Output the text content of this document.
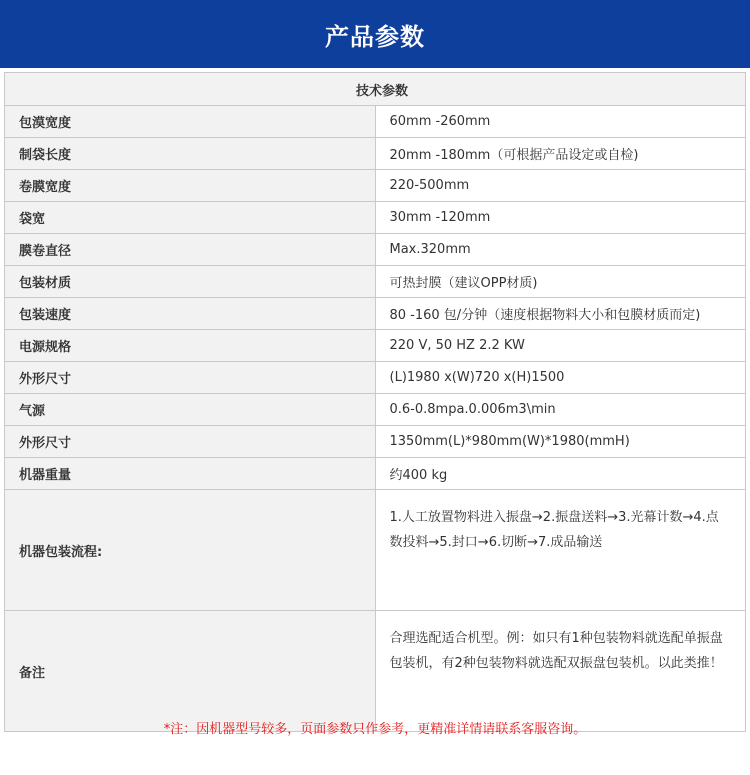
产品参数
技术参数	
包漠宽度	60mm -260mm
制袋长度	20mm -180mm（可根据产品设定或自检)
卷膜宽度	220-500mm
袋宽	30mm -120mm
膜卷直径	Max.320mm
包装材质	可热封膜（建议OPP材质)
包装速度	80 -160 包/分钟（速度根据物料大小和包膜材质而定)
电源规格	220 V, 50 HZ 2.2 KW
外形尺寸	(L)1980 x(W)720 x(H)1500
气源	0.6-0.8mpa.0.006m3\min
外形尺寸	1350mm(L)*980mm(W)*1980(mmH)
机器重量	约400 kg
机器包装流程:	1.人工放置物料进入振盘→2.振盘送料→3.光幕计数→4.点数投料→5.封口→6.切断→7.成品输送
备注	合理选配适合机型。例：如只有1种包装物料就选配单振盘包装机，有2种包装物料就选配双振盘包装机。以此类推！
*注：因机器型号较多，页面参数只作参考，更精准详情请联系客服咨询。
